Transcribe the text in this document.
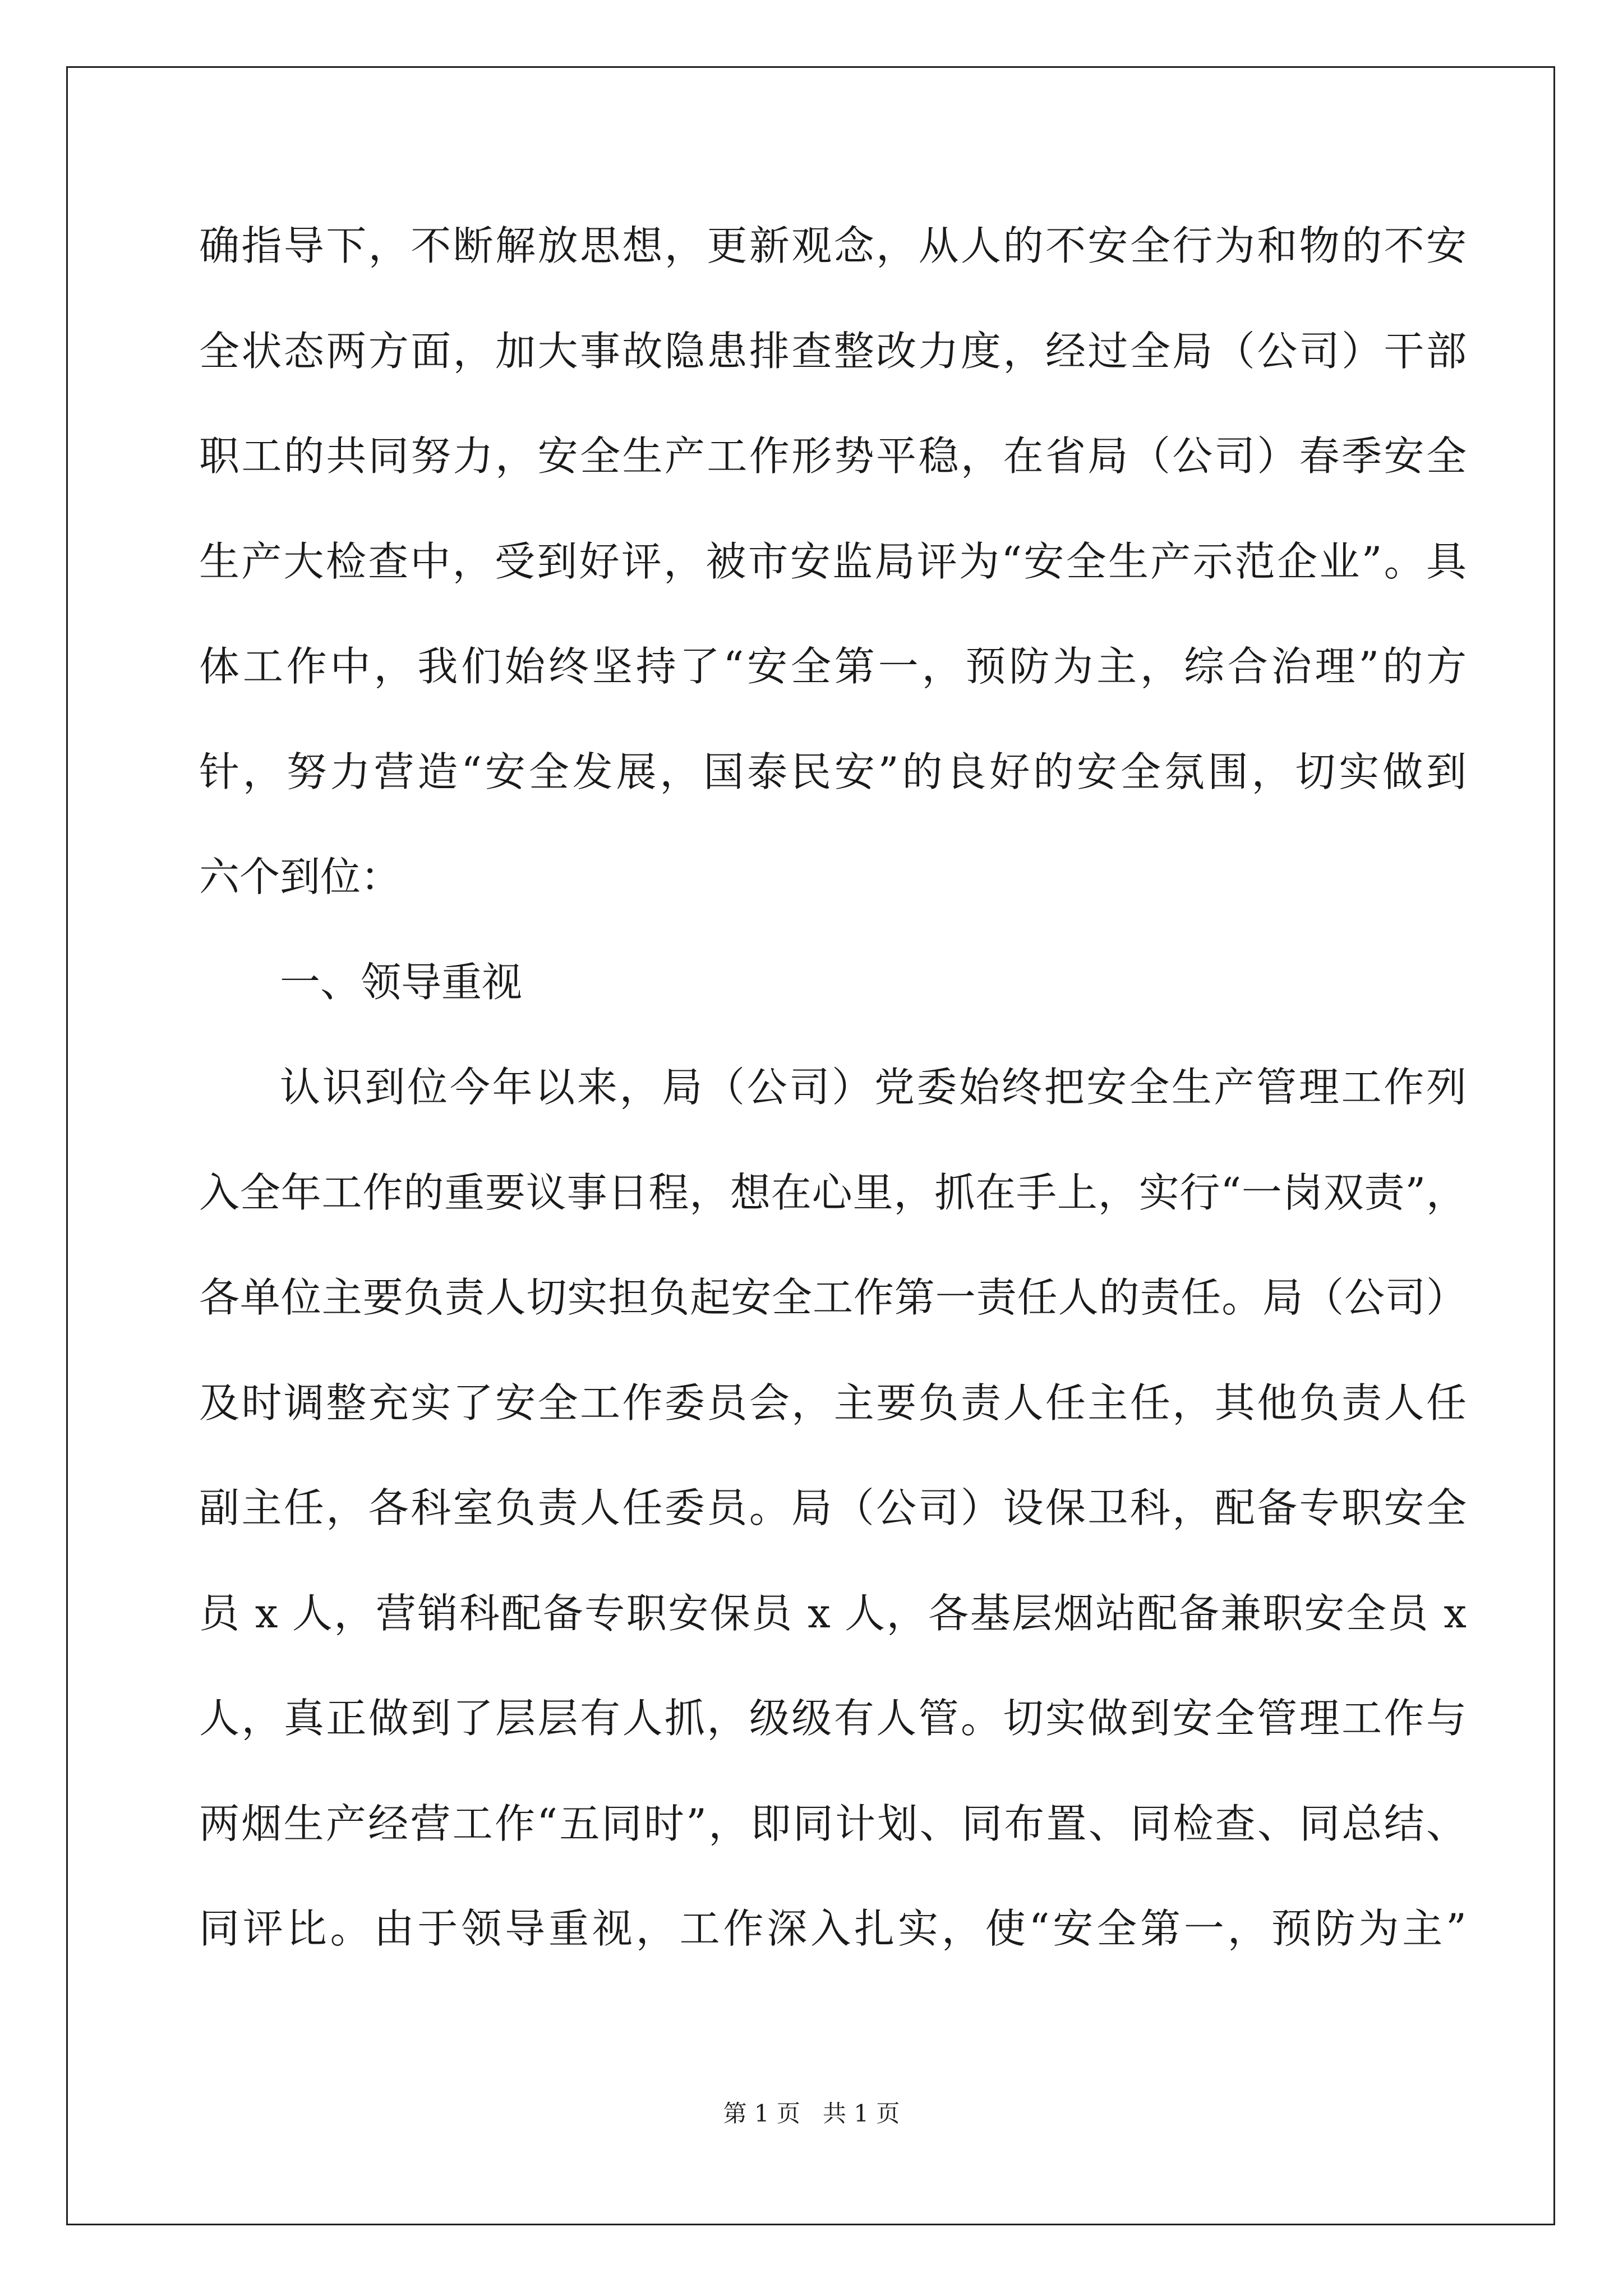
确指导下，不断解放思想，更新观念，从人的不安全行为和物的不安
全状态两方面，加大事故隐患排查整改力度，经过全局（公司）干部
职工的共同努力，安全生产工作形势平稳，在省局（公司）春季安全
生产大检查中，受到好评，被市安监局评为“安全生产示范企业”。具
体工作中，我们始终坚持了“安全第一，预防为主，综合治理”的方
针，努力营造“安全发展，国泰民安”的良好的安全氛围，切实做到
六个到位：
一、领导重视
认识到位今年以来，局（公司）党委始终把安全生产管理工作列
入全年工作的重要议事日程，想在心里，抓在手上，实行“一岗双责”，
各单位主要负责人切实担负起安全工作第一责任人的责任。局（公司）
及时调整充实了安全工作委员会，主要负责人任主任，其他负责人任
副主任，各科室负责人任委员。局（公司）设保卫科，配备专职安全
员 x 人，营销科配备专职安保员 x 人，各基层烟站配备兼职安全员 x
人，真正做到了层层有人抓，级级有人管。切实做到安全管理工作与
两烟生产经营工作“五同时”，即同计划、同布置、同检查、同总结、
同评比。由于领导重视，工作深入扎实，使“安全第一，预防为主”
第 1 页 共 1 页
